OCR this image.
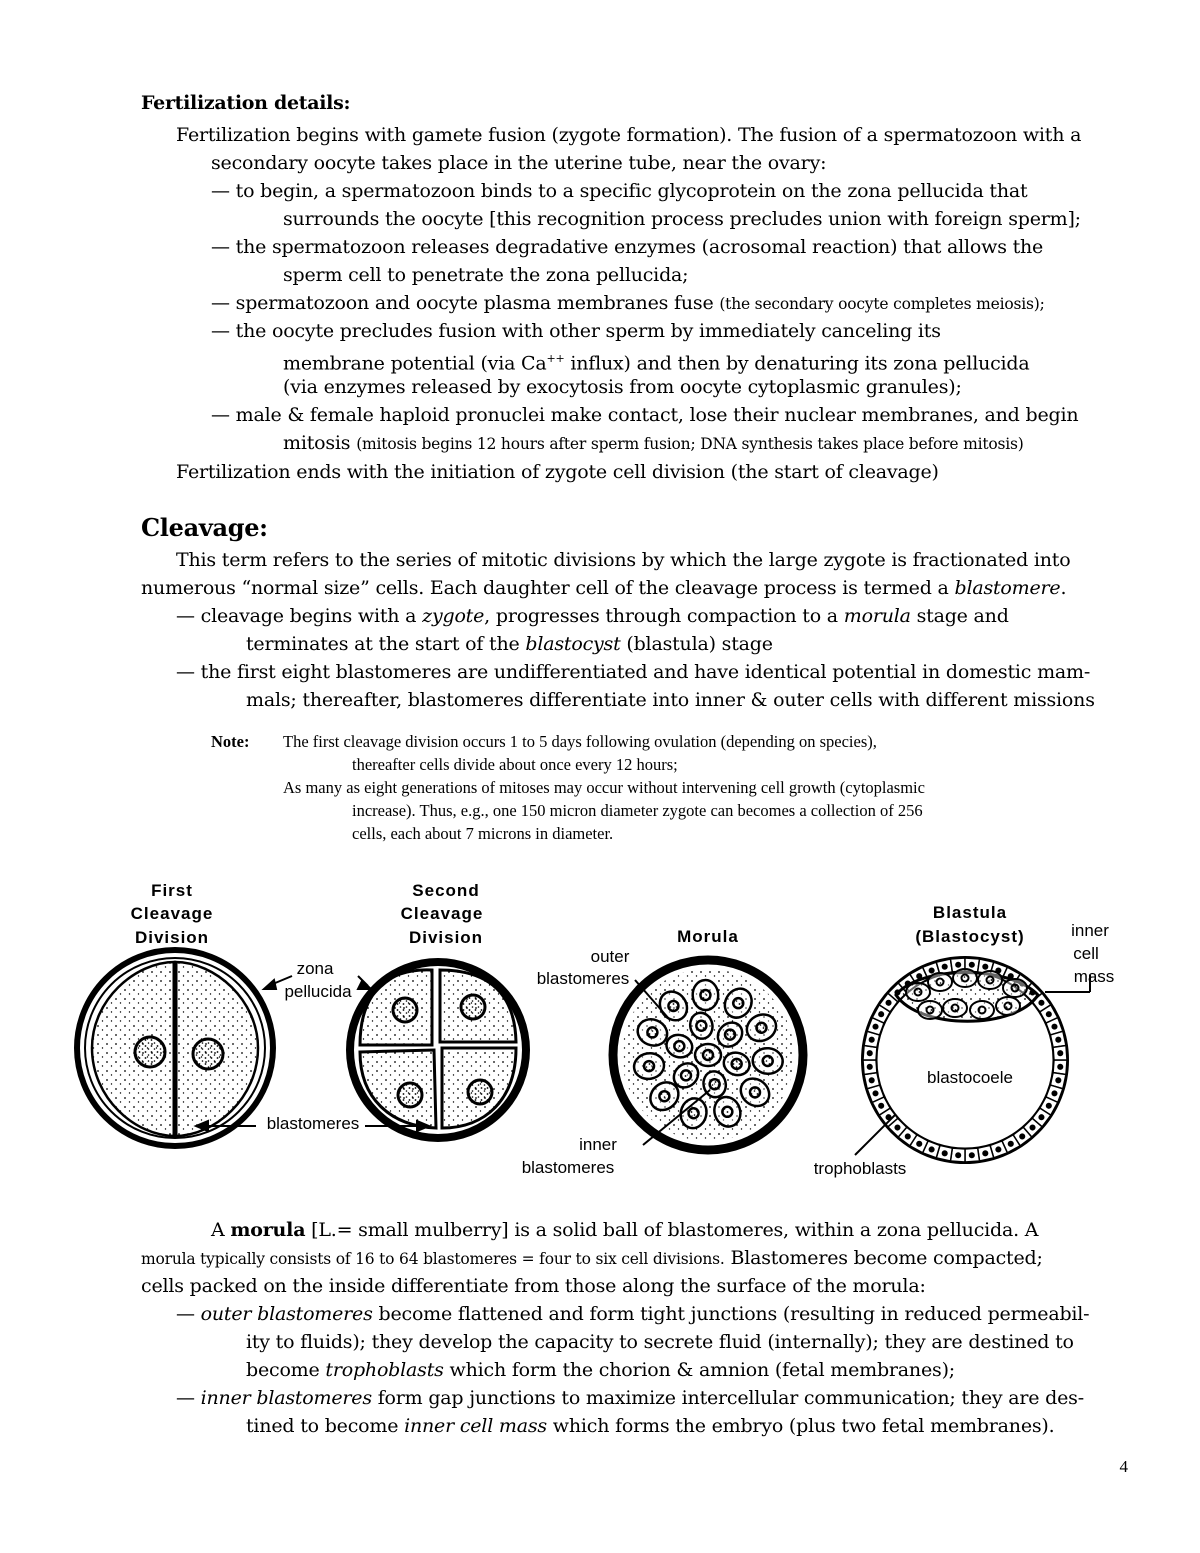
Fertilization details:
Fertilization begins with gamete fusion (zygote formation). The fusion of a spermatozoon with a
secondary oocyte takes place in the uterine tube, near the ovary:
— to begin, a spermatozoon binds to a specific glycoprotein on the zona pellucida that
surrounds the oocyte [this recognition process precludes union with foreign sperm];
— the spermatozoon releases degradative enzymes (acrosomal reaction) that allows the
sperm cell to penetrate the zona pellucida;
— spermatozoon and oocyte plasma membranes fuse (the secondary oocyte completes meiosis);
— the oocyte precludes fusion with other sperm by immediately canceling its
membrane potential (via Ca++ influx) and then by denaturing its zona pellucida
(via enzymes released by exocytosis from oocyte cytoplasmic granules);
— male & female haploid pronuclei make contact, lose their nuclear membranes, and begin
mitosis (mitosis begins 12 hours after sperm fusion; DNA synthesis takes place before mitosis)
Fertilization ends with the initiation of zygote cell division (the start of cleavage)
Cleavage:
This term refers to the series of mitotic divisions by which the large zygote is fractionated into
numerous “normal size” cells. Each daughter cell of the cleavage process is termed a blastomere.
— cleavage begins with a zygote, progresses through compaction to a morula stage and
terminates at the start of the blastocyst (blastula) stage
— the first eight blastomeres are undifferentiated and have identical potential in domestic mam-
mals; thereafter, blastomeres differentiate into inner & outer cells with different missions
Note: The first cleavage division occurs 1 to 5 days following ovulation (depending on species),
thereafter cells divide about once every 12 hours;
As many as eight generations of mitoses may occur without intervening cell growth (cytoplasmic
increase). Thus, e.g., one 150 micron diameter zygote can becomes a collection of 256
cells, each about 7 microns in diameter.
First
Cleavage
Division
Second
Cleavage
Division	Morula
Blastula
(Blastocyst)
zona
pellucida
blastomeres
outer
blastomeres
inner
blastomeres
inner
cell
mass
blastocoele
trophoblasts
A morula [L.= small mulberry] is a solid ball of blastomeres, within a zona pellucida. A
morula typically consists of 16 to 64 blastomeres = four to six cell divisions. Blastomeres become compacted;
cells packed on the inside differentiate from those along the surface of the morula:
— outer blastomeres become flattened and form tight junctions (resulting in reduced permeabil-
ity to fluids); they develop the capacity to secrete fluid (internally); they are destined to
become trophoblasts which form the chorion & amnion (fetal membranes);
— inner blastomeres form gap junctions to maximize intercellular communication; they are des-
tined to become inner cell mass which forms the embryo (plus two fetal membranes).
4
